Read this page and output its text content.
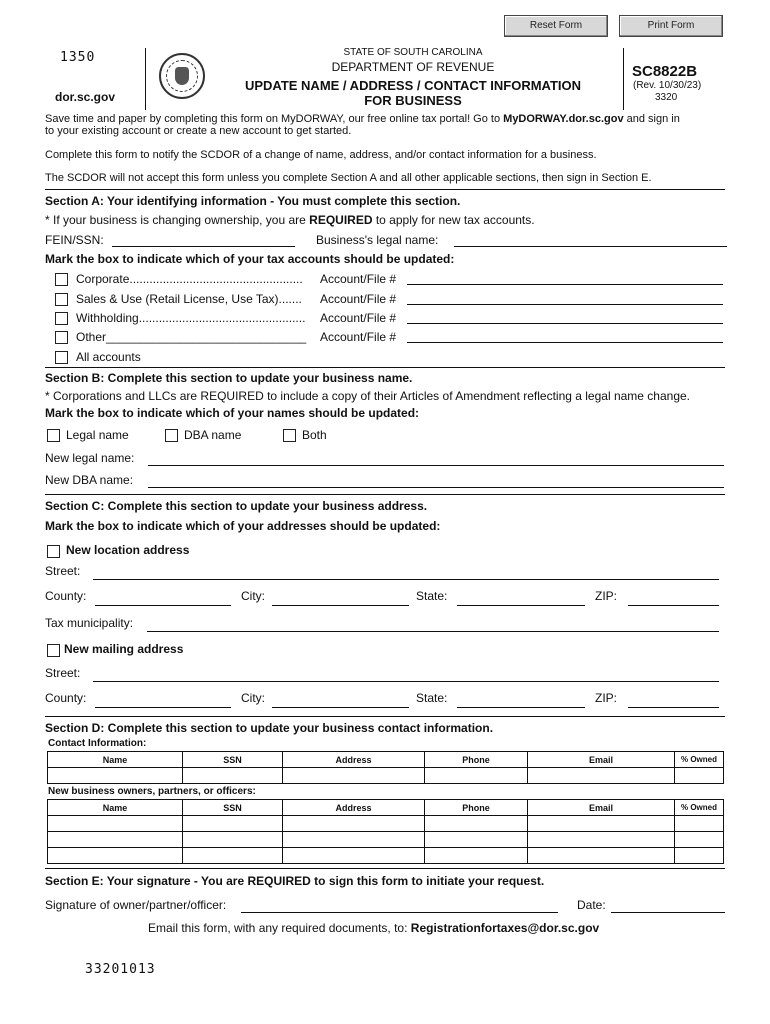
Reset Form	Print Form
1350
dor.sc.gov
STATE OF SOUTH CAROLINA
DEPARTMENT OF REVENUE
UPDATE NAME / ADDRESS / CONTACT INFORMATION
FOR BUSINESS
SC8822B
(Rev. 10/30/23)
3320
Save time and paper by completing this form on MyDORWAY, our free online tax portal! Go to MyDORWAY.dor.sc.gov and sign in
to your existing account or create a new account to get started.
Complete this form to notify the SCDOR of a change of name, address, and/or contact information for a business.
The SCDOR will not accept this form unless you complete Section A and all other applicable sections, then sign in Section E.
Section A: Your identifying information - You must complete this section.
* If your business is changing ownership, you are REQUIRED to apply for new tax accounts.
FEIN/SSN:	Business's legal name:
Mark the box to indicate which of your tax accounts should be updated:
Corporate.................................................... Account/File #
Sales & Use (Retail License, Use Tax)....... Account/File #
Withholding.................................................. Account/File #
Other______________________________	Account/File #
All accounts
Section B: Complete this section to update your business name.
* Corporations and LLCs are REQUIRED to include a copy of their Articles of Amendment reflecting a legal name change.
Mark the box to indicate which of your names should be updated:
Legal name	DBA name	Both
New legal name:
New DBA name:
Section C: Complete this section to update your business address.
Mark the box to indicate which of your addresses should be updated:
New location address
Street:
County:	City:	State:	ZIP:
Tax municipality:
New mailing address
Street:
County:	City:	State:	ZIP:
Section D: Complete this section to update your business contact information.
Contact Information:
Name	SSN	Address	Phone	Email	% Owned

New business owners, partners, or officers:
Name	SSN	Address	Phone	Email	% Owned

Section E: Your signature - You are REQUIRED to sign this form to initiate your request.
Signature of owner/partner/officer:	Date:
Email this form, with any required documents, to: Registrationfortaxes@dor.sc.gov
33201013
